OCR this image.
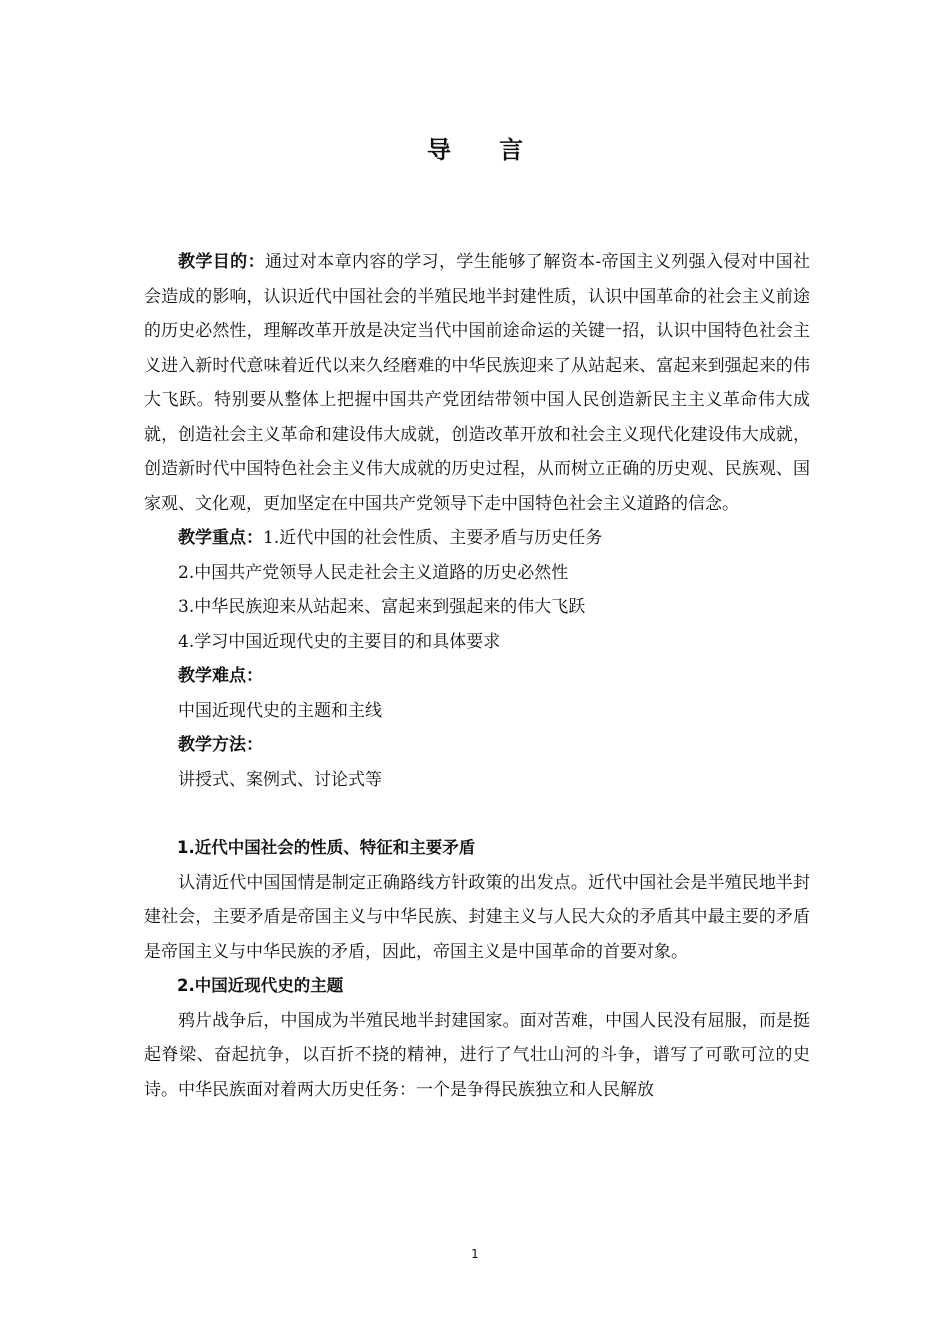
导 言

教学目的：通过对本章内容的学习，学生能够了解资本-帝国主义列强入侵对中国社会造成的影响，认识近代中国社会的半殖民地半封建性质，认识中国革命的社会主义前途的历史必然性，理解改革开放是决定当代中国前途命运的关键一招，认识中国特色社会主义进入新时代意味着近代以来久经磨难的中华民族迎来了从站起来、富起来到强起来的伟大飞跃。特别要从整体上把握中国共产党团结带领中国人民创造新民主主义革命伟大成就，创造社会主义革命和建设伟大成就，创造改革开放和社会主义现代化建设伟大成就，创造新时代中国特色社会主义伟大成就的历史过程，从而树立正确的历史观、民族观、国家观、文化观，更加坚定在中国共产党领导下走中国特色社会主义道路的信念。

教学重点：1.近代中国的社会性质、主要矛盾与历史任务

2.中国共产党领导人民走社会主义道路的历史必然性

3.中华民族迎来从站起来、富起来到强起来的伟大飞跃

4.学习中国近现代史的主要目的和具体要求

教学难点：

中国近现代史的主题和主线

教学方法：

讲授式、案例式、讨论式等

1.近代中国社会的性质、特征和主要矛盾

认清近代中国国情是制定正确路线方针政策的出发点。近代中国社会是半殖民地半封建社会，主要矛盾是帝国主义与中华民族、封建主义与人民大众的矛盾其中最主要的矛盾是帝国主义与中华民族的矛盾，因此，帝国主义是中国革命的首要对象。

2.中国近现代史的主题

鸦片战争后，中国成为半殖民地半封建国家。面对苦难，中国人民没有屈服，而是挺起脊梁、奋起抗争，以百折不挠的精神，进行了气壮山河的斗争，谱写了可歌可泣的史诗。中华民族面对着两大历史任务：一个是争得民族独立和人民解放

1
